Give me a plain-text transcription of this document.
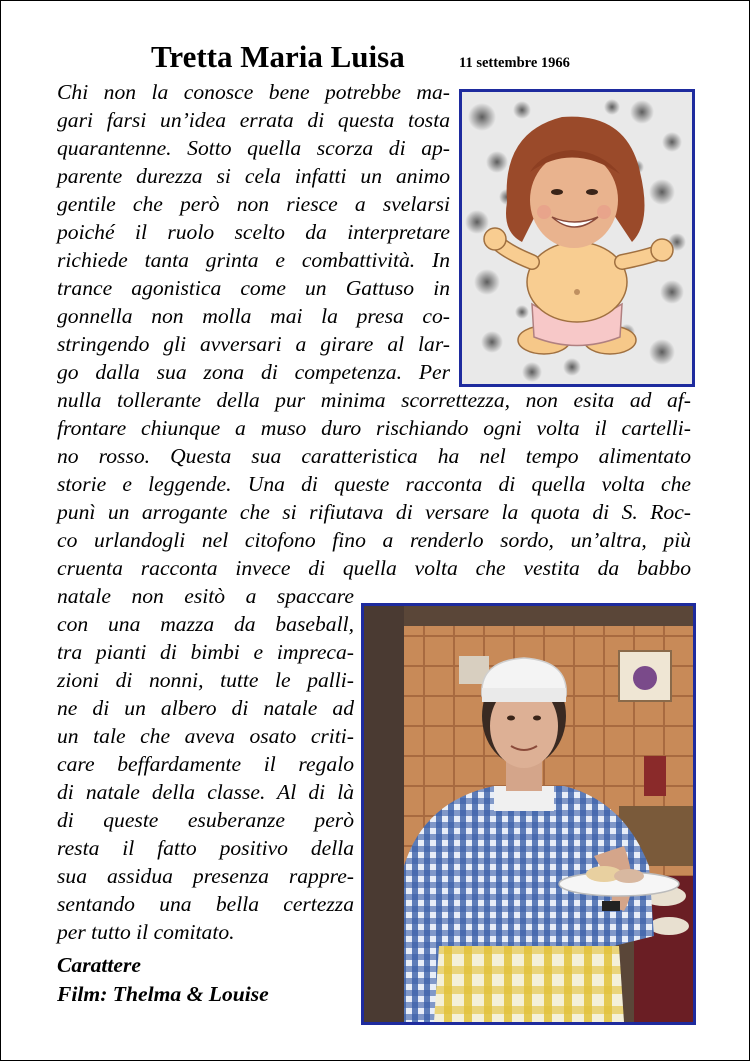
Tretta Maria Luisa	11 settembre 1966
Chi non la conosce bene potrebbe ma-
gari farsi un’idea errata di questa tosta
quarantenne. Sotto quella scorza di ap-
parente durezza si cela infatti un animo
gentile che però non riesce a svelarsi
poiché il ruolo scelto da interpretare
richiede tanta grinta e combattività. In
trance agonistica come un Gattuso in
gonnella non molla mai la presa co-
stringendo gli avversari a girare al lar-
go dalla sua zona di competenza. Per
nulla tollerante della pur minima scorrettezza, non esita ad af-
frontare chiunque a muso duro rischiando ogni volta il cartelli-
no rosso. Questa sua caratteristica ha nel tempo alimentato
storie e leggende. Una di queste racconta di quella volta che
punì un arrogante che si rifiutava di versare la quota di S. Roc-
co urlandogli nel citofono fino a renderlo sordo, un’altra, più
cruenta racconta invece di quella volta che vestita da babbo
natale non esitò a spaccare
con una mazza da baseball,
tra pianti di bimbi e impreca-
zioni di nonni, tutte le palli-
ne di un albero di natale ad
un tale che aveva osato criti-
care beffardamente il regalo
di natale della classe. Al di là
di queste esuberanze però
resta il fatto positivo della
sua assidua presenza rappre-
sentando una bella certezza
per tutto il comitato.
Carattere
Film: Thelma & Louise
